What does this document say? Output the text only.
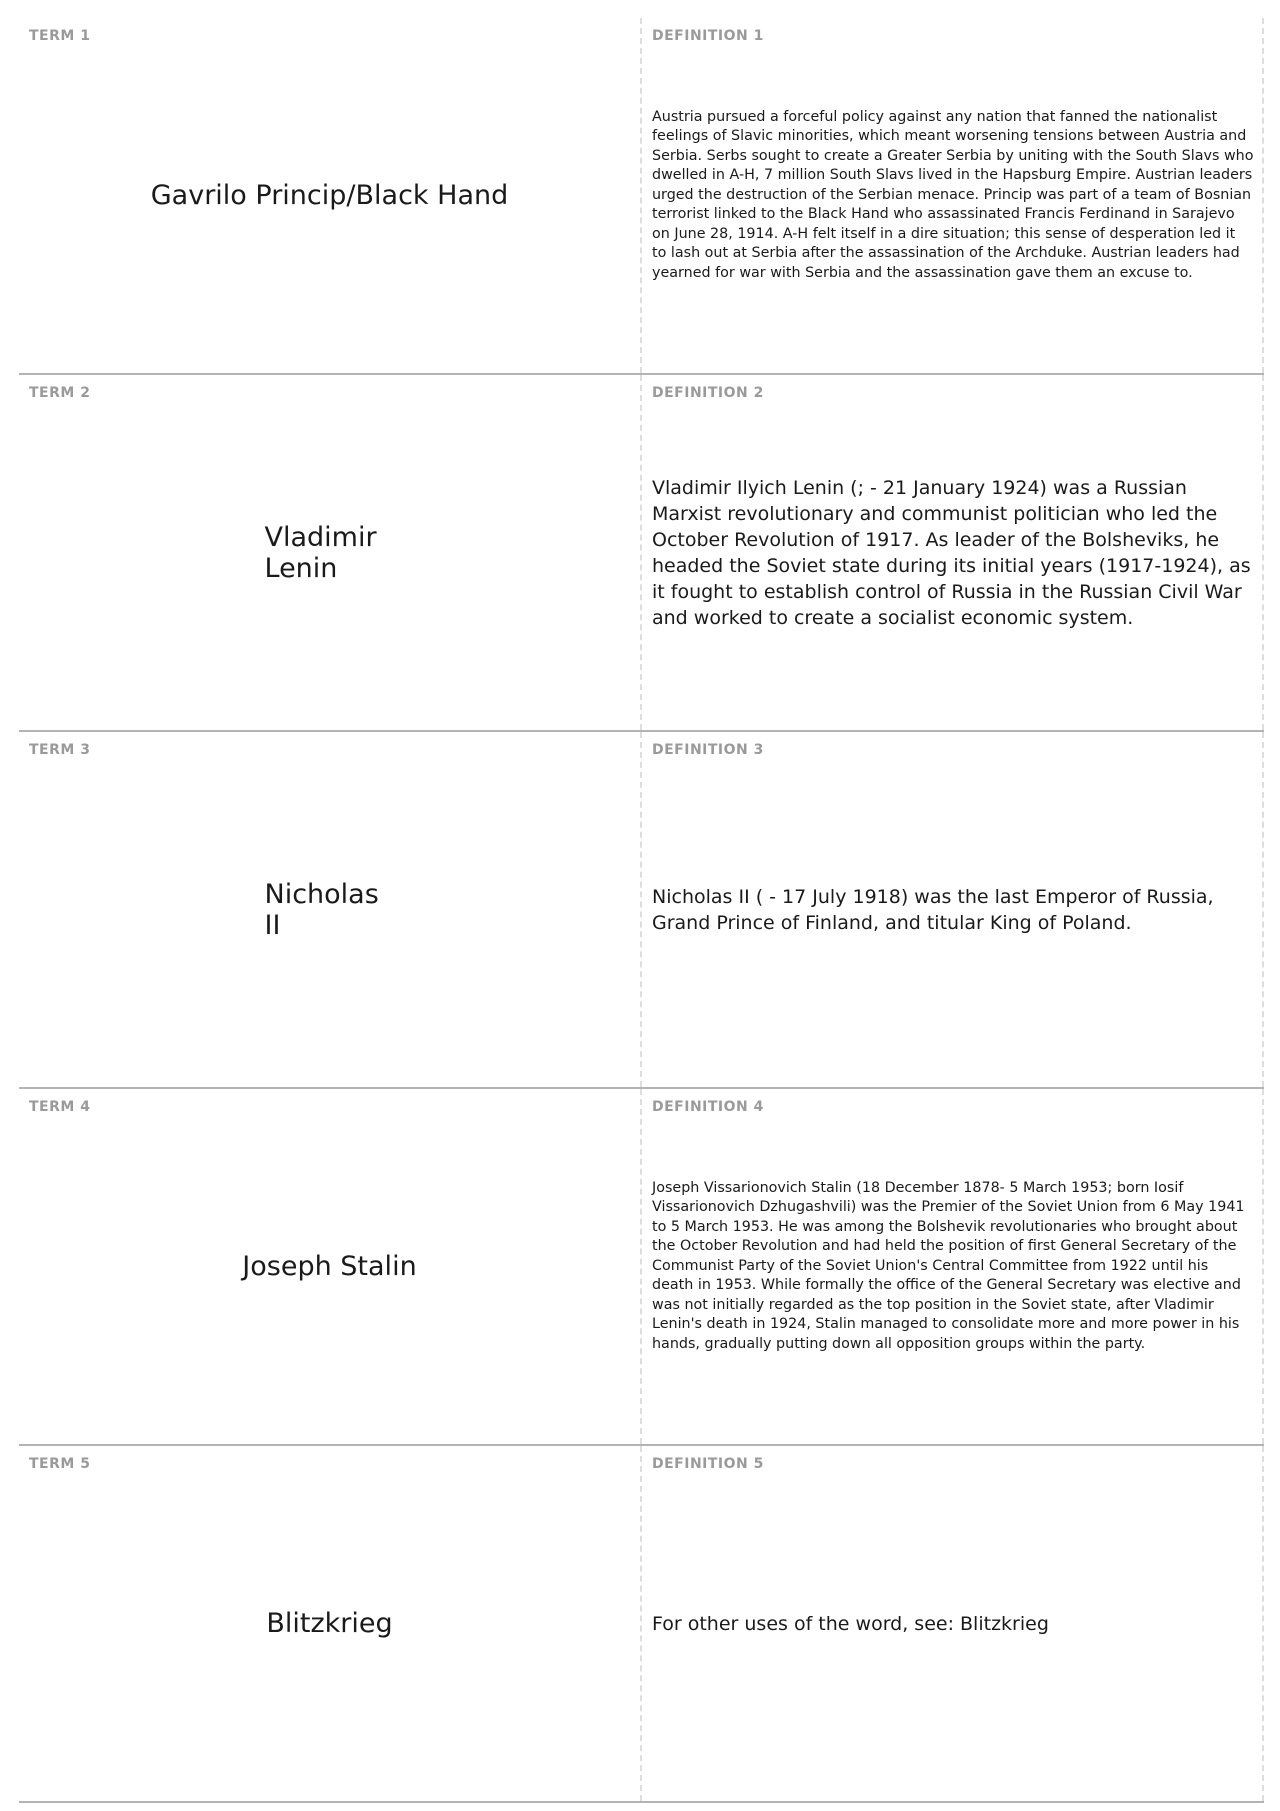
TERM 1
Gavrilo Princip/Black Hand
DEFINITION 1
Austria pursued a forceful policy against any nation that fanned the nationalist feelings of Slavic minorities, which meant worsening tensions between Austria and Serbia. Serbs sought to create a Greater Serbia by uniting with the South Slavs who dwelled in A-H, 7 million South Slavs lived in the Hapsburg Empire. Austrian leaders urged the destruction of the Serbian menace. Princip was part of a team of Bosnian terrorist linked to the Black Hand who assassinated Francis Ferdinand in Sarajevo on June 28, 1914. A-H felt itself in a dire situation; this sense of desperation led it to lash out at Serbia after the assassination of the Archduke. Austrian leaders had yearned for war with Serbia and the assassination gave them an excuse to.
TERM 2
Vladimir Lenin
DEFINITION 2
Vladimir Ilyich Lenin (; - 21 January 1924) was a Russian Marxist revolutionary and communist politician who led the October Revolution of 1917. As leader of the Bolsheviks, he headed the Soviet state during its initial years (1917-1924), as it fought to establish control of Russia in the Russian Civil War and worked to create a socialist economic system.
TERM 3
Nicholas II
DEFINITION 3
Nicholas II ( - 17 July 1918) was the last Emperor of Russia, Grand Prince of Finland, and titular King of Poland.
TERM 4
Joseph Stalin
DEFINITION 4
Joseph Vissarionovich Stalin (18 December 1878- 5 March 1953; born Iosif Vissarionovich Dzhugashvili) was the Premier of the Soviet Union from 6 May 1941 to 5 March 1953. He was among the Bolshevik revolutionaries who brought about the October Revolution and had held the position of first General Secretary of the Communist Party of the Soviet Union's Central Committee from 1922 until his death in 1953. While formally the office of the General Secretary was elective and was not initially regarded as the top position in the Soviet state, after Vladimir Lenin's death in 1924, Stalin managed to consolidate more and more power in his hands, gradually putting down all opposition groups within the party.
TERM 5
Blitzkrieg
DEFINITION 5
For other uses of the word, see: Blitzkrieg
